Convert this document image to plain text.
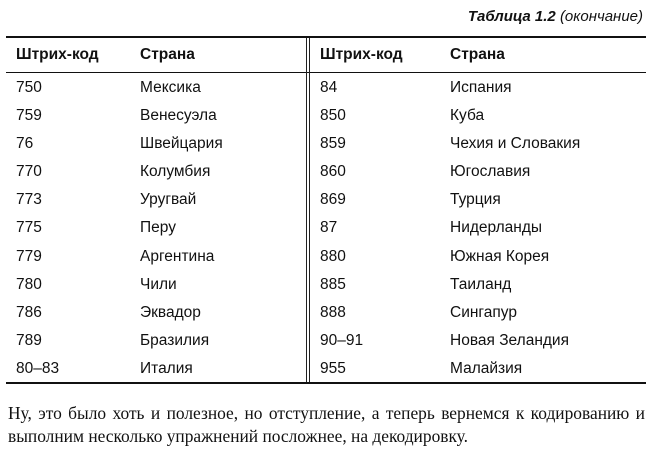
Таблица 1.2 (окончание)
Штрих-код	Страна
750	Мексика
759	Венесуэла
76	Швейцария
770	Колумбия
773	Уругвай
775	Перу
779	Аргентина
780	Чили
786	Эквадор
789	Бразилия
80–83	Италия
Штрих-код	Страна
84	Испания
850	Куба
859	Чехия и Словакия
860	Югославия
869	Турция
87	Нидерланды
880	Южная Корея
885	Таиланд
888	Сингапур
90–91	Новая Зеландия
955	Малайзия
Ну, это было хоть и полезное, но отступление, а теперь вернемся к кодированию и выполним несколько упражнений посложнее, на декодировку.
